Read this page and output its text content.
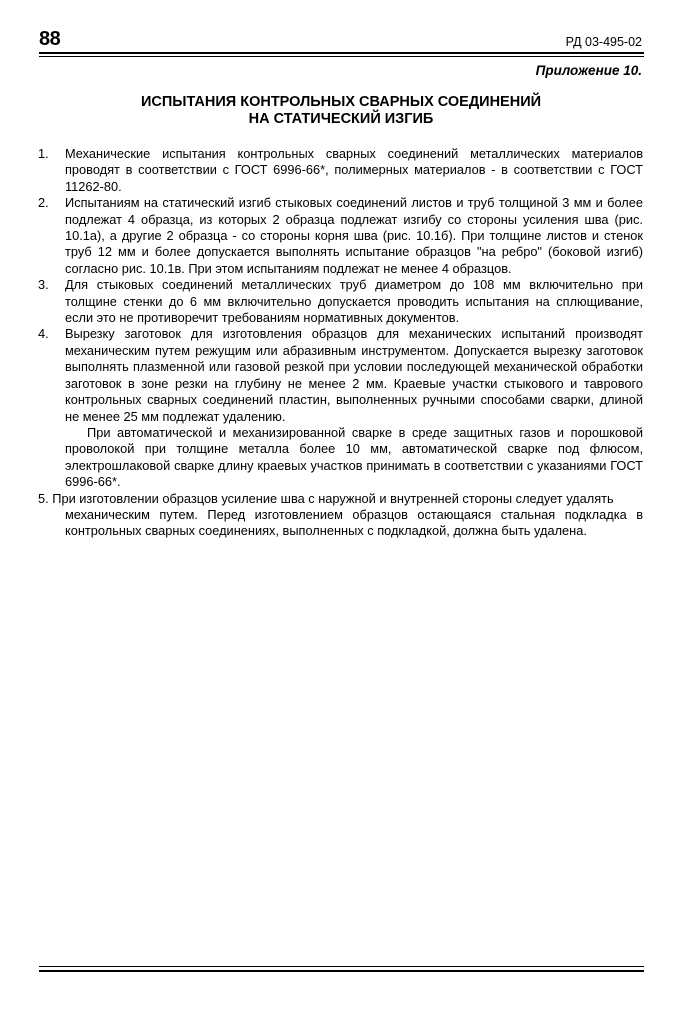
88	РД 03-495-02
Приложение 10.
ИСПЫТАНИЯ КОНТРОЛЬНЫХ СВАРНЫХ СОЕДИНЕНИЙ
НА СТАТИЧЕСКИЙ ИЗГИБ
1.	Механические испытания контрольных сварных соединений металлических материалов проводят в соответствии с ГОСТ 6996-66*, полимерных материалов - в соответствии с ГОСТ 11262-80.
2.	Испытаниям на статический изгиб стыковых соединений листов и труб толщиной 3 мм и более подлежат 4 образца, из которых 2 образца подлежат изгибу со стороны усиления шва (рис. 10.1а), а другие 2 образца - со стороны корня шва (рис. 10.1б). При толщине листов и стенок труб 12 мм и более допускается выполнять испытание образцов "на ребро" (боковой изгиб) согласно рис. 10.1в. При этом испытаниям подлежат не менее 4 образцов.
3.	Для стыковых соединений металлических труб диаметром до 108 мм включительно при толщине стенки до 6 мм включительно допускается проводить испытания на сплющивание, если это не противоречит требованиям нормативных документов.
4.	Вырезку заготовок для изготовления образцов для механических испытаний производят механическим путем режущим или абразивным инструментом. Допускается вырезку заготовок выполнять плазменной или газовой резкой при условии последующей механической обработки заготовок в зоне резки на глубину не менее 2 мм. Краевые участки стыкового и таврового контрольных сварных соединений пластин, выполненных ручными способами сварки, длиной не менее 25 мм подлежат удалению.
При автоматической и механизированной сварке в среде защитных газов и порошковой проволокой при толщине металла более 10 мм, автоматической сварке под флюсом, электрошлаковой сварке длину краевых участков принимать в соответствии с указаниями ГОСТ 6996-66*.
5. При изготовлении образцов усиление шва с наружной и внутренней стороны следует удалять
механическим путем. Перед изготовлением образцов остающаяся стальная подкладка в контрольных сварных соединениях, выполненных с подкладкой, должна быть удалена.
